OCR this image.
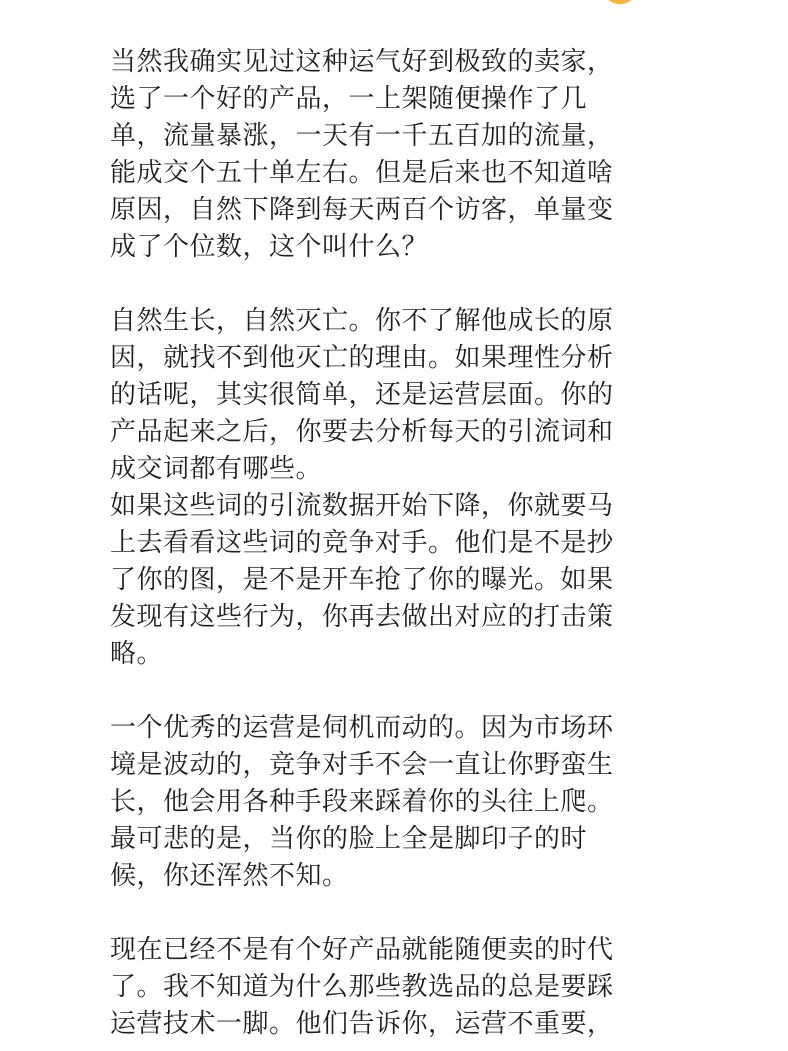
当然我确实见过这种运气好到极致的卖家，
选了一个好的产品，一上架随便操作了几
单，流量暴涨，一天有一千五百加的流量，
能成交个五十单左右。但是后来也不知道啥
原因，自然下降到每天两百个访客，单量变
成了个位数，这个叫什么？
自然生长，自然灭亡。你不了解他成长的原
因，就找不到他灭亡的理由。如果理性分析
的话呢，其实很简单，还是运营层面。你的
产品起来之后，你要去分析每天的引流词和
成交词都有哪些。
如果这些词的引流数据开始下降，你就要马
上去看看这些词的竞争对手。他们是不是抄
了你的图，是不是开车抢了你的曝光。如果
发现有这些行为，你再去做出对应的打击策
略。
一个优秀的运营是伺机而动的。因为市场环
境是波动的，竞争对手不会一直让你野蛮生
长，他会用各种手段来踩着你的头往上爬。
最可悲的是，当你的脸上全是脚印子的时
候，你还浑然不知。
现在已经不是有个好产品就能随便卖的时代
了。我不知道为什么那些教选品的总是要踩
运营技术一脚。他们告诉你，运营不重要，
